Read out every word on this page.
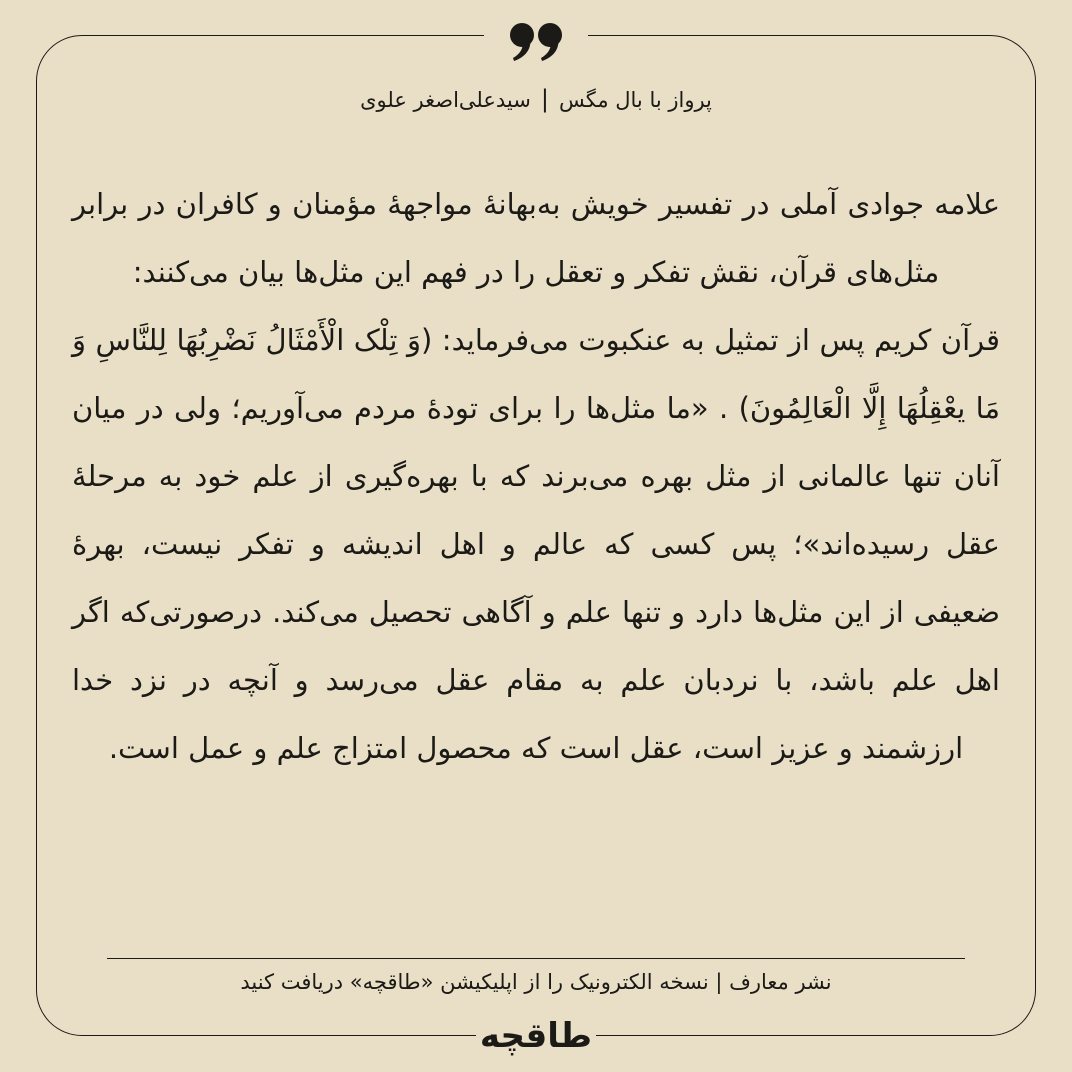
پرواز با بال مگس|سیدعلی‌اصغر علوی

علامه جوادی آملی در تفسیر خویش به‌بهانۀ مواجهۀ مؤمنان و کافران در برابر مثل‌های قرآن، نقش تفکر و تعقل را در فهم این مثل‌ها بیان می‌کنند:

قرآن کریم پس از تمثیل به عنکبوت می‌فرماید: (وَ تِلْک الْأَمْثَالُ نَضْرِبُهَا لِلنَّاسِ وَ مَا يعْقِلُهَا إِلَّا الْعَالِمُونَ) . «ما مثل‌ها را برای تودۀ مردم می‌آوریم؛ ولی در میان آنان تنها عالمانی از مثل بهره می‌برند که با بهره‌گیری از علم خود به مرحلۀ عقل رسیده‌اند»؛ پس کسی که عالم و اهل اندیشه و تفکر نیست، بهرۀ ضعیفی از این مثل‌ها دارد و تنها علم و آگاهی تحصیل می‌کند. درصورتی‌که اگر اهل علم باشد، با نردبان علم به مقام عقل می‌رسد و آنچه در نزد خدا ارزشمند و عزیز است، عقل است که محصول امتزاج علم و عمل است.

نشر معارف | نسخه الکترونیک را از اپلیکیشن «طاقچه» دریافت کنید
طاقچه
